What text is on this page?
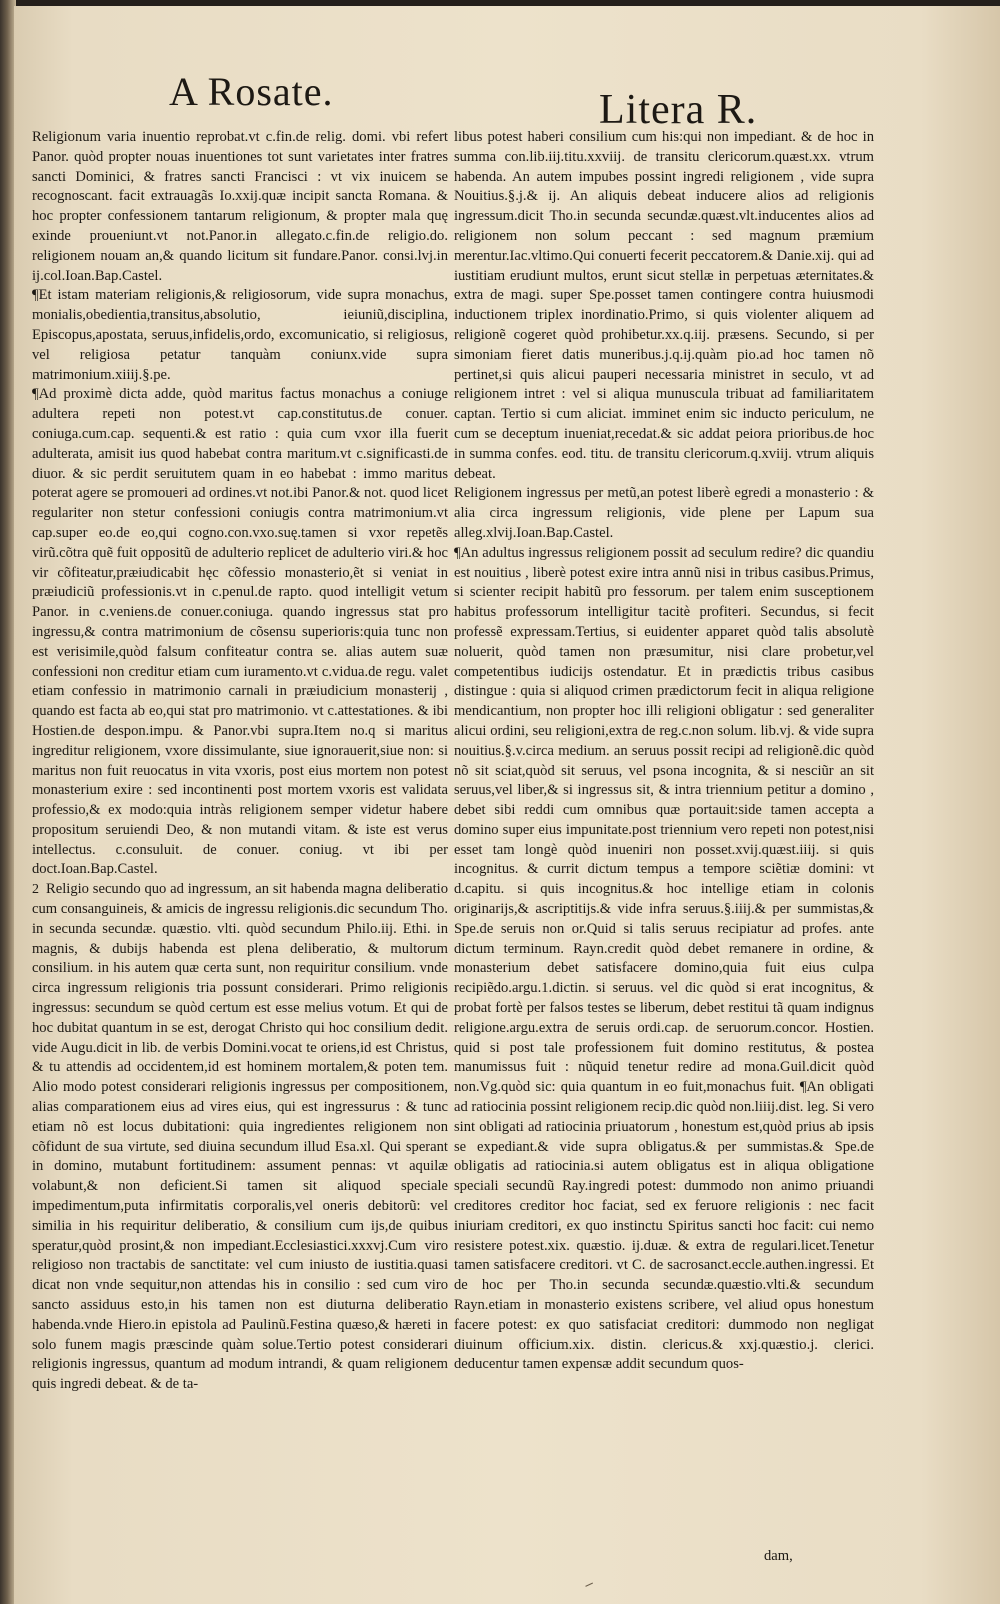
A Rosate.	Litera R.

Religionum varia inuentio reprobat.vt c.fin.de relig. domi. vbi refert Panor. quòd propter nouas inuentiones tot sunt varietates inter fratres sancti Dominici, & fratres sancti Francisci : vt vix inuicem se recognoscant. facit extrauagãs Io.xxij.quæ incipit sancta Romana. & hoc propter confessionem tantarum religionum, & propter mala quę exinde proueniunt.vt not.Panor.in allegato.c.fin.de religio.do. religionem nouam an,& quando licitum sit fundare.Panor. consi.lvj.in ij.col.Ioan.Bap.Castel.

¶Et istam materiam religionis,& religiosorum, vide supra monachus, monialis,obedientia,transitus,absolutio, ieiuniũ,disciplina, Episcopus,apostata, seruus,infidelis,ordo, excomunicatio, si religiosus, vel religiosa petatur tanquàm coniunx.vide supra matrimonium.xiiij.§.pe.

¶Ad proximè dicta adde, quòd maritus factus monachus a coniuge adultera repeti non potest.vt cap.constitutus.de conuer. coniuga.cum.cap. sequenti.& est ratio : quia cum vxor illa fuerit adulterata, amisit ius quod habebat contra maritum.vt c.significasti.de diuor. & sic perdit seruitutem quam in eo habebat : immo maritus poterat agere se promoueri ad ordines.vt not.ibi Panor.& not. quod licet regulariter non stetur confessioni coniugis contra matrimonium.vt cap.super eo.de eo,qui cogno.con.vxo.suę.tamen si vxor repetẽs virũ.cõtra quẽ fuit oppositũ de adulterio replicet de adulterio viri.& hoc vir cõfiteatur,præiudicabit hęc cõfessio monasterio,ẽt si veniat in præiudiciũ professionis.vt in c.penul.de rapto. quod intelligit vetum Panor. in c.veniens.de conuer.coniuga. quando ingressus stat pro ingressu,& contra matrimonium de cõsensu superioris:quia tunc non est verisimile,quòd falsum confiteatur contra se. alias autem suæ confessioni non creditur etiam cum iuramento.vt c.vidua.de regu. valet etiam confessio in matrimonio carnali in præiudicium monasterij , quando est facta ab eo,qui stat pro matrimonio. vt c.attestationes. & ibi Hostien.de despon.impu. & Panor.vbi supra.Item no.q si maritus ingreditur religionem, vxore dissimulante, siue ignorauerit,siue non: si maritus non fuit reuocatus in vita vxoris, post eius mortem non potest monasterium exire : sed incontinenti post mortem vxoris est validata professio,& ex modo:quia intràs religionem semper videtur habere propositum seruiendi Deo, & non mutandi vitam. & iste est verus intellectus. c.consuluit. de conuer. coniug. vt ibi per doct.Ioan.Bap.Castel.

2 Religio secundo quo ad ingressum, an sit habenda magna deliberatio cum consanguineis, & amicis de ingressu religionis.dic secundum Tho. in secunda secundæ. quæstio. vlti. quòd secundum Philo.iij. Ethi. in magnis, & dubijs habenda est plena deliberatio, & multorum consilium. in his autem quæ certa sunt, non requiritur consilium. vnde circa ingressum religionis tria possunt considerari. Primo religionis ingressus: secundum se quòd certum est esse melius votum. Et qui de hoc dubitat quantum in se est, derogat Christo qui hoc consilium dedit. vide Augu.dicit in lib. de verbis Domini.vocat te oriens,id est Christus, & tu attendis ad occidentem,id est hominem mortalem,& poten tem. Alio modo potest considerari religionis ingressus per compositionem, alias comparationem eius ad vires eius, qui est ingressurus : & tunc etiam nõ est locus dubitationi: quia ingredientes religionem non cõfidunt de sua virtute, sed diuina secundum illud Esa.xl. Qui sperant in domino, mutabunt fortitudinem: assument pennas: vt aquilæ volabunt,& non deficient.Si tamen sit aliquod speciale impedimentum,puta infirmitatis corporalis,vel oneris debitorũ: vel similia in his requiritur deliberatio, & consilium cum ijs,de quibus speratur,quòd prosint,& non impediant.Ecclesiastici.xxxvj.Cum viro religioso non tractabis de sanctitate: vel cum iniusto de iustitia.quasi dicat non vnde sequitur,non attendas his in consilio : sed cum viro sancto assiduus esto,in his tamen non est diuturna deliberatio habenda.vnde Hiero.in epistola ad Paulinũ.Festina quæso,& hæreti in solo funem magis præscinde quàm solue.Tertio potest considerari religionis ingressus, quantum ad modum intrandi, & quam religionem quis ingredi debeat. & de ta-

libus potest haberi consilium cum his:qui non impediant. & de hoc in summa con.lib.iij.titu.xxviij. de transitu clericorum.quæst.xx. vtrum habenda. An autem impubes possint ingredi religionem , vide supra Nouitius.§.j.& ij. An aliquis debeat inducere alios ad religionis ingressum.dicit Tho.in secunda secundæ.quæst.vlt.inducentes alios ad religionem non solum peccant : sed magnum præmium merentur.Iac.vltimo.Qui conuerti fecerit peccatorem.& Danie.xij. qui ad iustitiam erudiunt multos, erunt sicut stellæ in perpetuas æternitates.& extra de magi. super Spe.posset tamen contingere contra huiusmodi inductionem triplex inordinatio.Primo, si quis violenter aliquem ad religionẽ cogeret quòd prohibetur.xx.q.iij. præsens. Secundo, si per simoniam fieret datis muneribus.j.q.ij.quàm pio.ad hoc tamen nõ pertinet,si quis alicui pauperi necessaria ministret in seculo, vt ad religionem intret : vel si aliqua munuscula tribuat ad familiaritatem captan. Tertio si cum aliciat. imminet enim sic inducto periculum, ne cum se deceptum inueniat,recedat.& sic addat peiora prioribus.de hoc in summa confes. eod. titu. de transitu clericorum.q.xviij. vtrum aliquis debeat.

Religionem ingressus per metũ,an potest liberè egredi a monasterio : & alia circa ingressum religionis, vide plene per Lapum sua alleg.xlvij.Ioan.Bap.Castel.

¶An adultus ingressus religionem possit ad seculum redire? dic quandiu est nouitius , liberè potest exire intra annũ nisi in tribus casibus.Primus, si scienter recipit habitũ pro fessorum. per talem enim susceptionem habitus professorum intelligitur tacitè profiteri. Secundus, si fecit professẽ expressam.Tertius, si euidenter apparet quòd talis absolutè noluerit, quòd tamen non præsumitur, nisi clare probetur,vel competentibus iudicijs ostendatur. Et in prædictis tribus casibus distingue : quia si aliquod crimen prædictorum fecit in aliqua religione mendicantium, non propter hoc illi religioni obligatur : sed generaliter alicui ordini, seu religioni,extra de reg.c.non solum. lib.vj. & vide supra nouitius.§.v.circa medium. an seruus possit recipi ad religionẽ.dic quòd nõ sit sciat,quòd sit seruus, vel psona incognita, & si nesciũr an sit seruus,vel liber,& si ingressus sit, & intra triennium petitur a domino , debet sibi reddi cum omnibus quæ portauit:side tamen accepta a domino super eius impunitate.post triennium vero repeti non potest,nisi esset tam longè quòd inueniri non posset.xvij.quæst.iiij. si quis incognitus. & currit dictum tempus a tempore sciẽtiæ domini: vt d.capitu. si quis incognitus.& hoc intellige etiam in colonis originarijs,& ascriptitijs.& vide infra seruus.§.iiij.& per summistas,& Spe.de seruis non or.Quid si talis seruus recipiatur ad profes. ante dictum terminum. Rayn.credit quòd debet remanere in ordine, & monasterium debet satisfacere domino,quia fuit eius culpa recipiẽdo.argu.1.dictin. si seruus. vel dic quòd si erat incognitus, & probat fortè per falsos testes se liberum, debet restitui tã quam indignus religione.argu.extra de seruis ordi.cap. de seruorum.concor. Hostien. quid si post tale professionem fuit domino restitutus, & postea manumissus fuit : nũquid tenetur redire ad mona.Guil.dicit quòd non.Vg.quòd sic: quia quantum in eo fuit,monachus fuit. ¶An obligati ad ratiocinia possint religionem recip.dic quòd non.liiij.dist. leg. Si vero sint obligati ad ratiocinia priuatorum , honestum est,quòd prius ab ipsis se expediant.& vide supra obligatus.& per summistas.& Spe.de obligatis ad ratiocinia.si autem obligatus est in aliqua obligatione speciali secundũ Ray.ingredi potest: dummodo non animo priuandi creditores creditor hoc faciat, sed ex feruore religionis : nec facit iniuriam creditori, ex quo instinctu Spiritus sancti hoc facit: cui nemo resistere potest.xix. quæstio. ij.duæ. & extra de regulari.licet.Tenetur tamen satisfacere creditori. vt C. de sacrosanct.eccle.authen.ingressi. Et de hoc per Tho.in secunda secundæ.quæstio.vlti.& secundum Rayn.etiam in monasterio existens scribere, vel aliud opus honestum facere potest: ex quo satisfaciat creditori: dummodo non negligat diuinum officium.xix. distin. clericus.& xxj.quæstio.j. clerici. deducentur tamen expensæ addit secundum quos-

dam,
